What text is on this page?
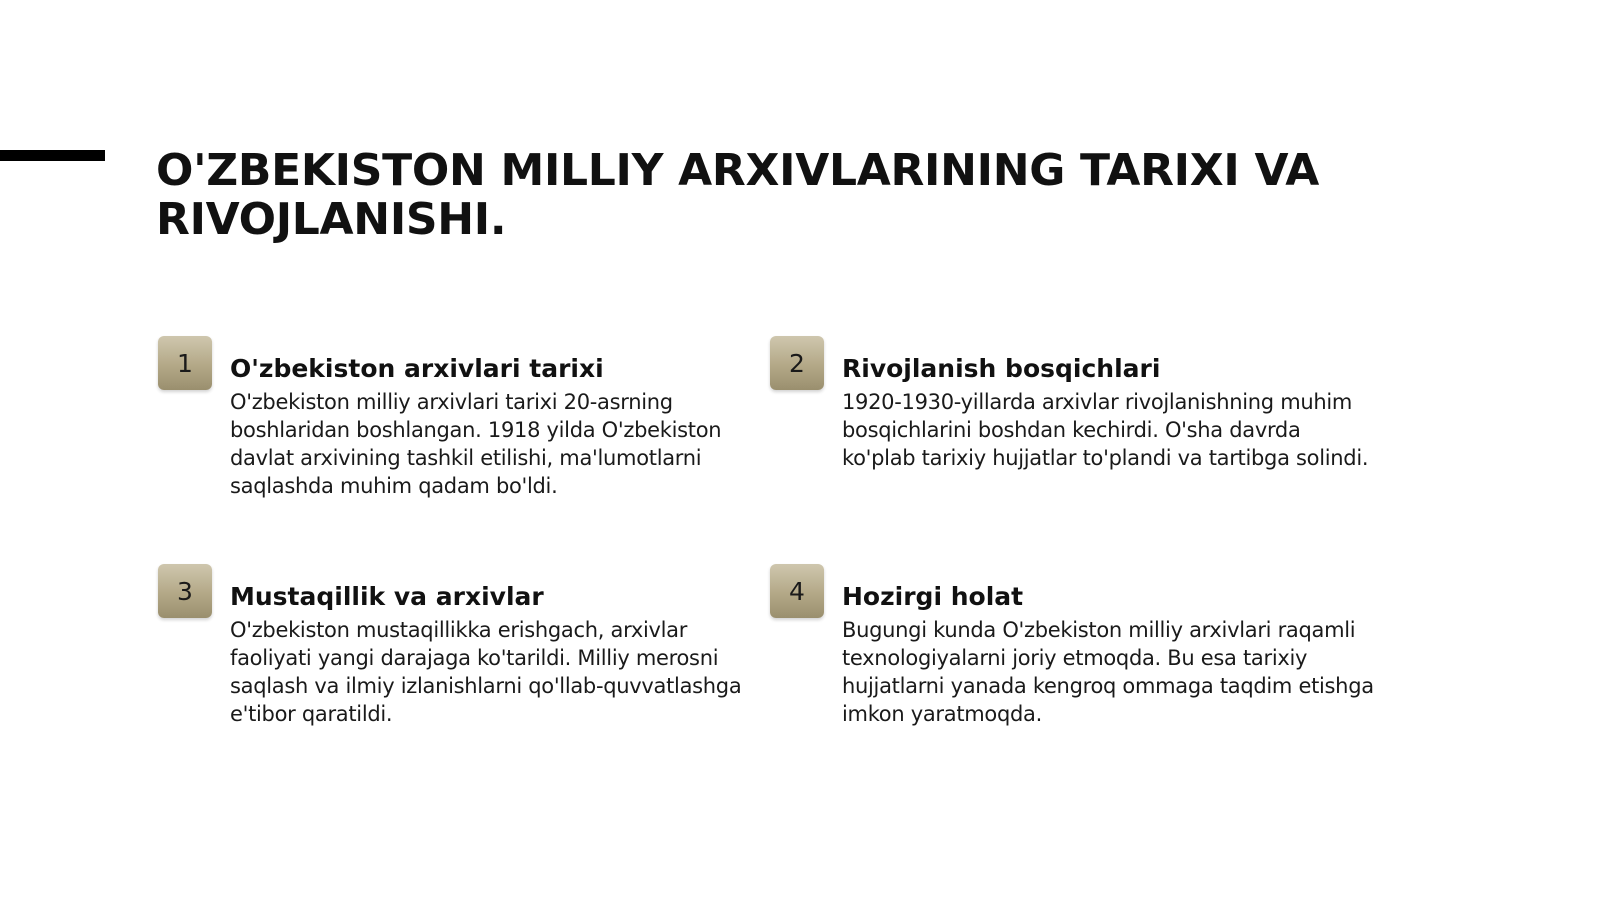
O'ZBEKISTON MILLIY ARXIVLARINING TARIXI VA RIVOJLANISHI.
1	O'zbekiston arxivlari tarixi

O'zbekiston milliy arxivlari tarixi 20-asrning boshlaridan boshlangan. 1918 yilda O'zbekiston davlat arxivining tashkil etilishi, ma'lumotlarni saqlashda muhim qadam bo'ldi.

2	Rivojlanish bosqichlari

1920-1930-yillarda arxivlar rivojlanishning muhim bosqichlarini boshdan kechirdi. O'sha davrda ko'plab tarixiy hujjatlar to'plandi va tartibga solindi.

3	Mustaqillik va arxivlar

O'zbekiston mustaqillikka erishgach, arxivlar faoliyati yangi darajaga ko'tarildi. Milliy merosni saqlash va ilmiy izlanishlarni qo'llab-quvvatlashga e'tibor qaratildi.

4	Hozirgi holat

Bugungi kunda O'zbekiston milliy arxivlari raqamli texnologiyalarni joriy etmoqda. Bu esa tarixiy hujjatlarni yanada kengroq ommaga taqdim etishga imkon yaratmoqda.
